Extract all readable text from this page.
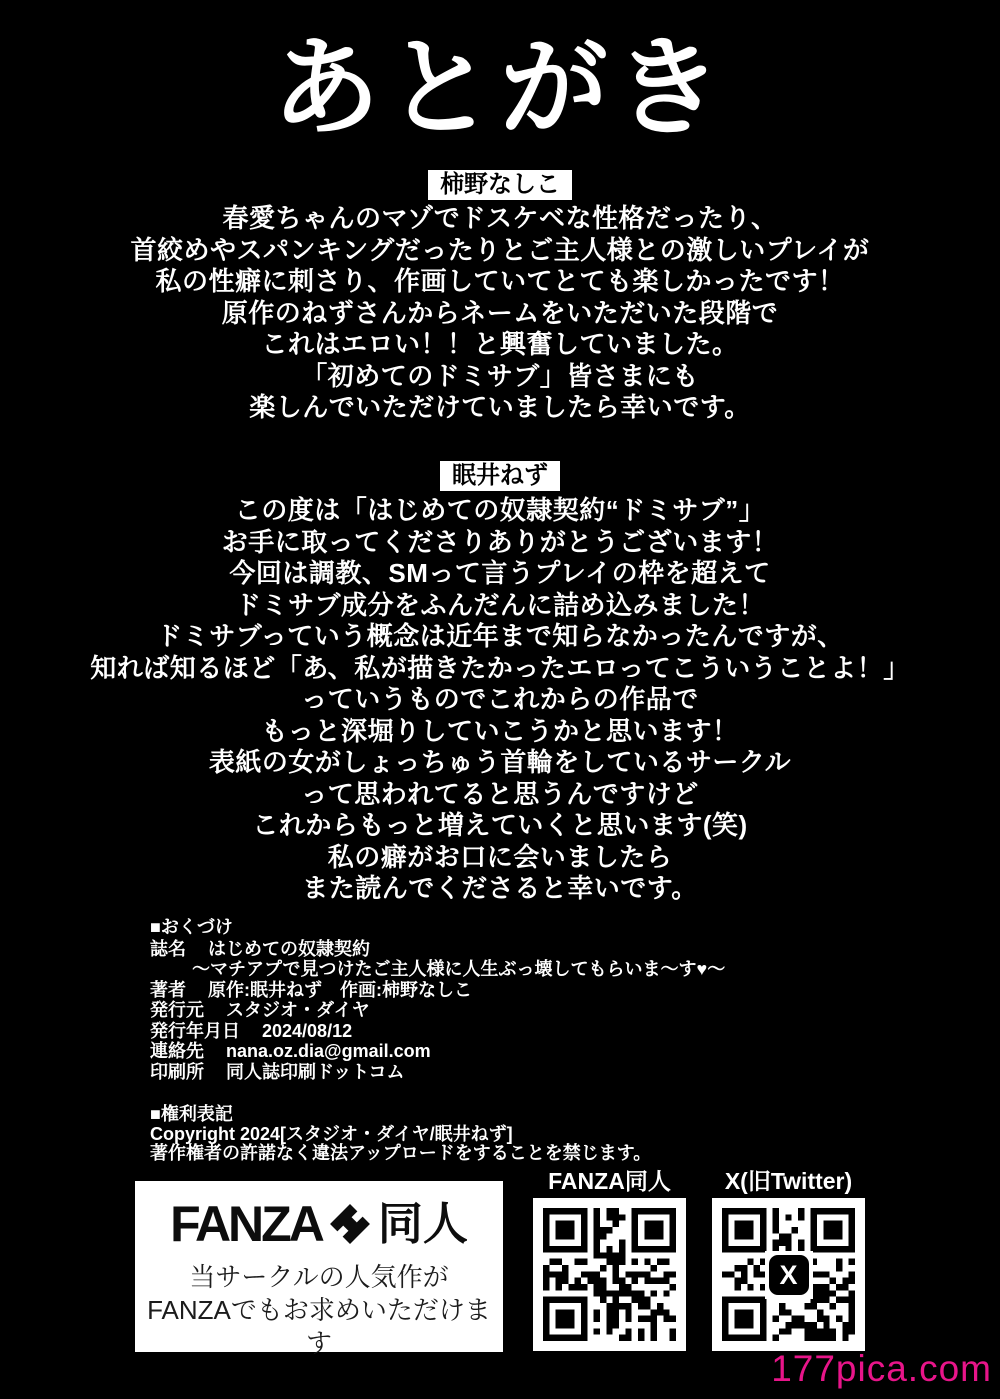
あとがき
柿野なしこ
春愛ちゃんのマゾでドスケベな性格だったり、
首絞めやスパンキングだったりとご主人様との激しいプレイが
私の性癖に刺さり、作画していてとても楽しかったです！
原作のねずさんからネームをいただいた段階で
これはエロい！！と興奮していました。
「初めてのドミサブ」皆さまにも
楽しんでいただけていましたら幸いです。
眠井ねず
この度は「はじめての奴隷契約“ドミサブ”」
お手に取ってくださりありがとうございます！
今回は調教、SMって言うプレイの枠を超えて
ドミサブ成分をふんだんに詰め込みました！
ドミサブっていう概念は近年まで知らなかったんですが、
知れば知るほど「あ、私が描きたかったエロってこういうことよ！」
っていうものでこれからの作品で
もっと深堀りしていこうかと思います！
表紙の女がしょっちゅう首輪をしているサークル
って思われてると思うんですけど
これからもっと増えていくと思います(笑)
私の癖がお口に会いましたら
また読んでくださると幸いです。
■おくづけ
誌名 はじめての奴隷契約
〜マチアプで見つけたご主人様に人生ぶっ壊してもらいま〜す♥〜
著者 原作:眠井ねず　作画:柿野なしこ
発行元 スタジオ・ダイヤ
発行年月日 2024/08/12
連絡先 nana.oz.dia@gmail.com
印刷所 同人誌印刷ドットコム
■権利表記
Copyright 2024[スタジオ・ダイヤ/眠井ねず]
著作権者の許諾なく違法アップロードをすることを禁じます。
FANZA 同人
当サークルの人気作が
FANZAでもお求めいただけます
FANZA同人	X(旧Twitter)
X
177pica.com
